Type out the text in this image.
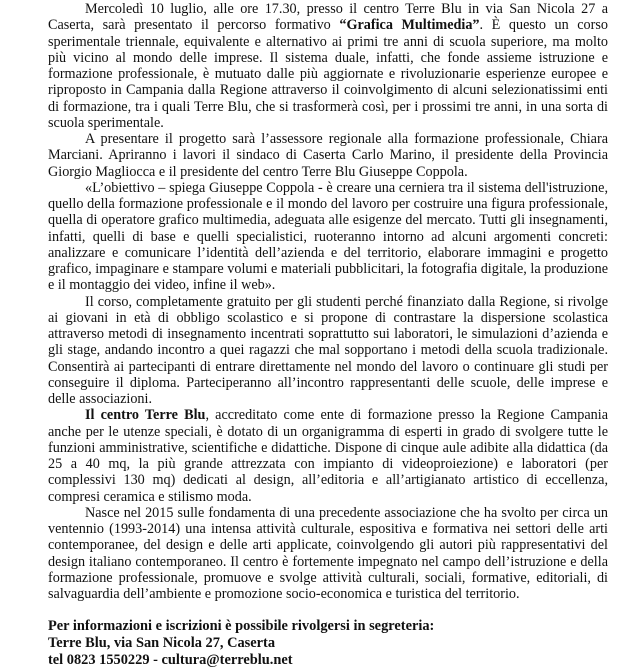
Mercoledì 10 luglio, alle ore 17.30, presso il centro Terre Blu in via San Nicola 27 a Caserta, sarà presentato il percorso formativo “Grafica Multimedia”. È questo un corso sperimentale triennale, equivalente e alternativo ai primi tre anni di scuola superiore, ma molto più vicino al mondo delle imprese. Il sistema duale, infatti, che fonde assieme istruzione e formazione professionale, è mutuato dalle più aggiornate e rivoluzionarie esperienze europee e riproposto in Campania dalla Regione attraverso il coinvolgimento di alcuni selezionatissimi enti di formazione, tra i quali Terre Blu, che si trasformerà così, per i prossimi tre anni, in una sorta di scuola sperimentale.

A presentare il progetto sarà l’assessore regionale alla formazione professionale, Chiara Marciani. Apriranno i lavori il sindaco di Caserta Carlo Marino, il presidente della Provincia Giorgio Magliocca e il presidente del centro Terre Blu Giuseppe Coppola.

«L’obiettivo – spiega Giuseppe Coppola - è creare una cerniera tra il sistema dell'istruzione, quello della formazione professionale e il mondo del lavoro per costruire una figura professionale, quella di operatore grafico multimedia, adeguata alle esigenze del mercato. Tutti gli insegnamenti, infatti, quelli di base e quelli specialistici, ruoteranno intorno ad alcuni argomenti concreti: analizzare e comunicare l’identità dell’azienda e del territorio, elaborare immagini e progetto grafico, impaginare e stampare volumi e materiali pubblicitari, la fotografia digitale, la produzione e il montaggio dei video, infine il web».

Il corso, completamente gratuito per gli studenti perché finanziato dalla Regione, si rivolge ai giovani in età di obbligo scolastico e si propone di contrastare la dispersione scolastica attraverso metodi di insegnamento incentrati soprattutto sui laboratori, le simulazioni d’azienda e gli stage, andando incontro a quei ragazzi che mal sopportano i metodi della scuola tradizionale. Consentirà ai partecipanti di entrare direttamente nel mondo del lavoro o continuare gli studi per conseguire il diploma. Parteciperanno all’incontro rappresentanti delle scuole, delle imprese e delle associazioni.

Il centro Terre Blu, accreditato come ente di formazione presso la Regione Campania anche per le utenze speciali, è dotato di un organigramma di esperti in grado di svolgere tutte le funzioni amministrative, scientifiche e didattiche. Dispone di cinque aule adibite alla didattica (da 25 a 40 mq, la più grande attrezzata con impianto di videoproiezione) e laboratori (per complessivi 130 mq) dedicati al design, all’editoria e all’artigianato artistico di eccellenza, compresi ceramica e stilismo moda.

Nasce nel 2015 sulle fondamenta di una precedente associazione che ha svolto per circa un ventennio (1993-2014) una intensa attività culturale, espositiva e formativa nei settori delle arti contemporanee, del design e delle arti applicate, coinvolgendo gli autori più rappresentativi del design italiano contemporaneo. Il centro è fortemente impegnato nel campo dell’istruzione e della formazione professionale, promuove e svolge attività culturali, sociali, formative, editoriali, di salvaguardia dell’ambiente e promozione socio-economica e turistica del territorio.

Per informazioni e iscrizioni è possibile rivolgersi in segreteria:
Terre Blu, via San Nicola 27, Caserta
tel 0823 1550229 - cultura@terreblu.net
